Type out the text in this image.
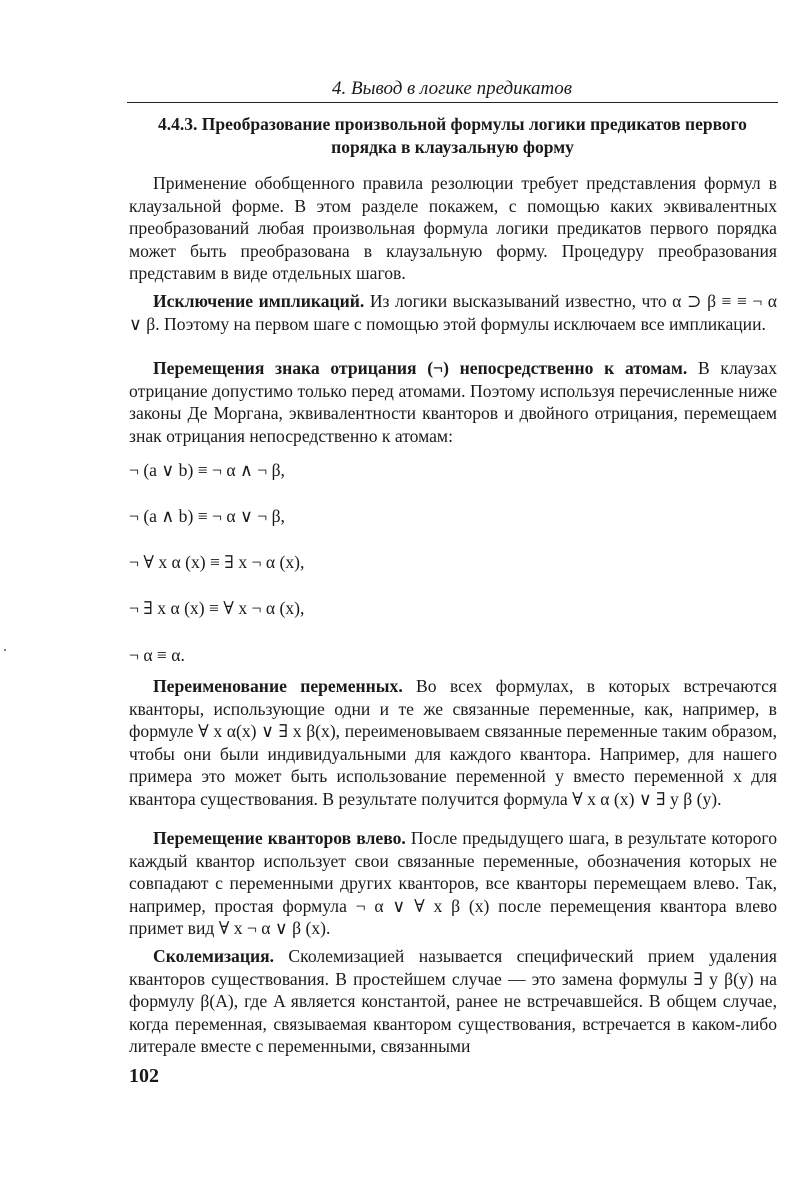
4. Вывод в логике предикатов
4.4.3. Преобразование произвольной формулы логики предикатов первого порядка в клаузальную форму

Применение обобщенного правила резолюции требует представления формул в клаузальной форме. В этом разделе покажем, с помощью каких эквивалентных преобразований любая произвольная формула логики предикатов первого порядка может быть преобразована в клаузальную форму. Процедуру преобразования представим в виде отдельных шагов.

Исключение импликаций. Из логики высказываний известно, что α ⊃ β ≡ ≡ ¬ α ∨ β. Поэтому на первом шаге с помощью этой формулы исключаем все импликации.

Перемещения знака отрицания (¬) непосредственно к атомам. В клаузах отрицание допустимо только перед атомами. Поэтому используя перечисленные ниже законы Де Моргана, эквивалентности кванторов и двойного отрицания, перемещаем знак отрицания непосредственно к атомам:

¬ (a ∨ b) ≡ ¬ α ∧ ¬ β,
¬ (a ∧ b) ≡ ¬ α ∨ ¬ β,
¬ ∀ x α (x) ≡ ∃ x ¬ α (x),
¬ ∃ x α (x) ≡ ∀ x ¬ α (x),
¬ α ≡ α.

Переименование переменных. Во всех формулах, в которых встречаются кванторы, использующие одни и те же связанные переменные, как, например, в формуле ∀ x α(x) ∨ ∃ x β(x), переименовываем связанные переменные таким образом, чтобы они были индивидуальными для каждого квантора. Например, для нашего примера это может быть использование переменной y вместо переменной x для квантора существования. В результате получится формула ∀ x α (x) ∨ ∃ y β (y).

Перемещение кванторов влево. После предыдущего шага, в результате которого каждый квантор использует свои связанные переменные, обозначения которых не совпадают с переменными других кванторов, все кванторы перемещаем влево. Так, например, простая формула ¬ α ∨ ∀ x β (x) после перемещения квантора влево примет вид ∀ x ¬ α ∨ β (x).

Сколемизация. Сколемизацией называется специфический прием удаления кванторов существования. В простейшем случае — это замена формулы ∃ y β(y) на формулу β(A), где A является константой, ранее не встречавшейся. В общем случае, когда переменная, связываемая квантором существования, встречается в каком-либо литерале вместе с переменными, связанными

102
